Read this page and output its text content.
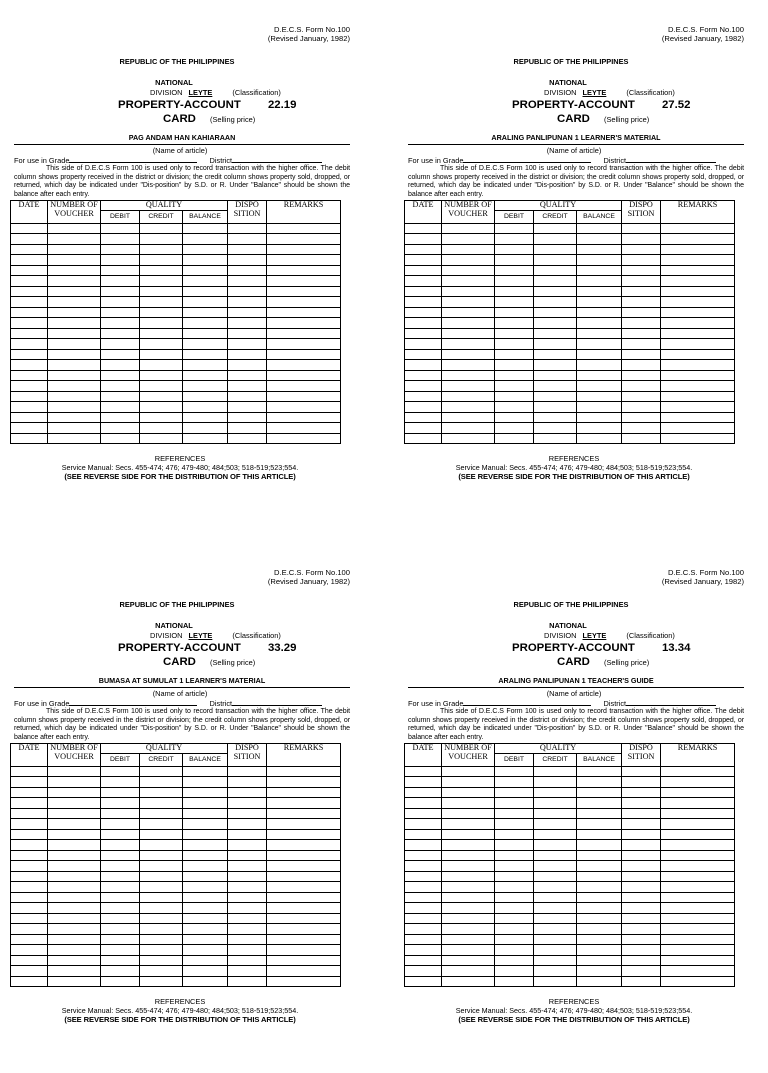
D.E.C.S. Form No.100
(Revised January, 1982)
REPUBLIC OF THE PHILIPPINES
NATIONAL
DIVISION LEYTE	(Classification)
PROPERTY-ACCOUNT 22.19
CARD (Selling price)
PAG ANDAM HAN KAHIARAAN
(Name of article)
For use in Grade	District
This side of D.E.C.S Form 100 is used only to record transaction with the higher office. The debit column shows property received in the district or division; the credit column shows property sold, dropped, or returned, which day be indicated under "Dis-position" by S.D. or R. Under "Balance" should be shown the balance after each entry.
DATE	NUMBER OF VOUCHER	QUALITY			DISPO SITION	REMARKS
		DEBIT	CREDIT	BALANCE		

REFERENCES
Service Manual: Secs. 455-474; 476; 479-480; 484;503; 518-519;523;554.
(SEE REVERSE SIDE FOR THE DISTRIBUTION OF THIS ARTICLE)
D.E.C.S. Form No.100
(Revised January, 1982)
REPUBLIC OF THE PHILIPPINES
NATIONAL
DIVISION LEYTE	(Classification)
PROPERTY-ACCOUNT 27.52
CARD (Selling price)
ARALING PANLIPUNAN 1 LEARNER'S MATERIAL
(Name of article)
For use in Grade	District
This side of D.E.C.S Form 100 is used only to record transaction with the higher office. The debit column shows property received in the district or division; the credit column shows property sold, dropped, or returned, which day be indicated under "Dis-position" by S.D. or R. Under "Balance" should be shown the balance after each entry.
DATE	NUMBER OF VOUCHER	QUALITY			DISPO SITION	REMARKS
		DEBIT	CREDIT	BALANCE		

REFERENCES
Service Manual: Secs. 455-474; 476; 479-480; 484;503; 518-519;523;554.
(SEE REVERSE SIDE FOR THE DISTRIBUTION OF THIS ARTICLE)
D.E.C.S. Form No.100
(Revised January, 1982)
REPUBLIC OF THE PHILIPPINES
NATIONAL
DIVISION LEYTE	(Classification)
PROPERTY-ACCOUNT 33.29
CARD (Selling price)
BUMASA AT SUMULAT 1 LEARNER'S MATERIAL
(Name of article)
For use in Grade	District
This side of D.E.C.S Form 100 is used only to record transaction with the higher office. The debit column shows property received in the district or division; the credit column shows property sold, dropped, or returned, which day be indicated under "Dis-position" by S.D. or R. Under "Balance" should be shown the balance after each entry.
DATE	NUMBER OF VOUCHER	QUALITY			DISPO SITION	REMARKS
		DEBIT	CREDIT	BALANCE		

REFERENCES
Service Manual: Secs. 455-474; 476; 479-480; 484;503; 518-519;523;554.
(SEE REVERSE SIDE FOR THE DISTRIBUTION OF THIS ARTICLE)
D.E.C.S. Form No.100
(Revised January, 1982)
REPUBLIC OF THE PHILIPPINES
NATIONAL
DIVISION LEYTE	(Classification)
PROPERTY-ACCOUNT 13.34
CARD (Selling price)
ARALING PANLIPUNAN 1 TEACHER'S GUIDE
(Name of article)
For use in Grade	District
This side of D.E.C.S Form 100 is used only to record transaction with the higher office. The debit column shows property received in the district or division; the credit column shows property sold, dropped, or returned, which day be indicated under "Dis-position" by S.D. or R. Under "Balance" should be shown the balance after each entry.
DATE	NUMBER OF VOUCHER	QUALITY			DISPO SITION	REMARKS
		DEBIT	CREDIT	BALANCE		

REFERENCES
Service Manual: Secs. 455-474; 476; 479-480; 484;503; 518-519;523;554.
(SEE REVERSE SIDE FOR THE DISTRIBUTION OF THIS ARTICLE)
